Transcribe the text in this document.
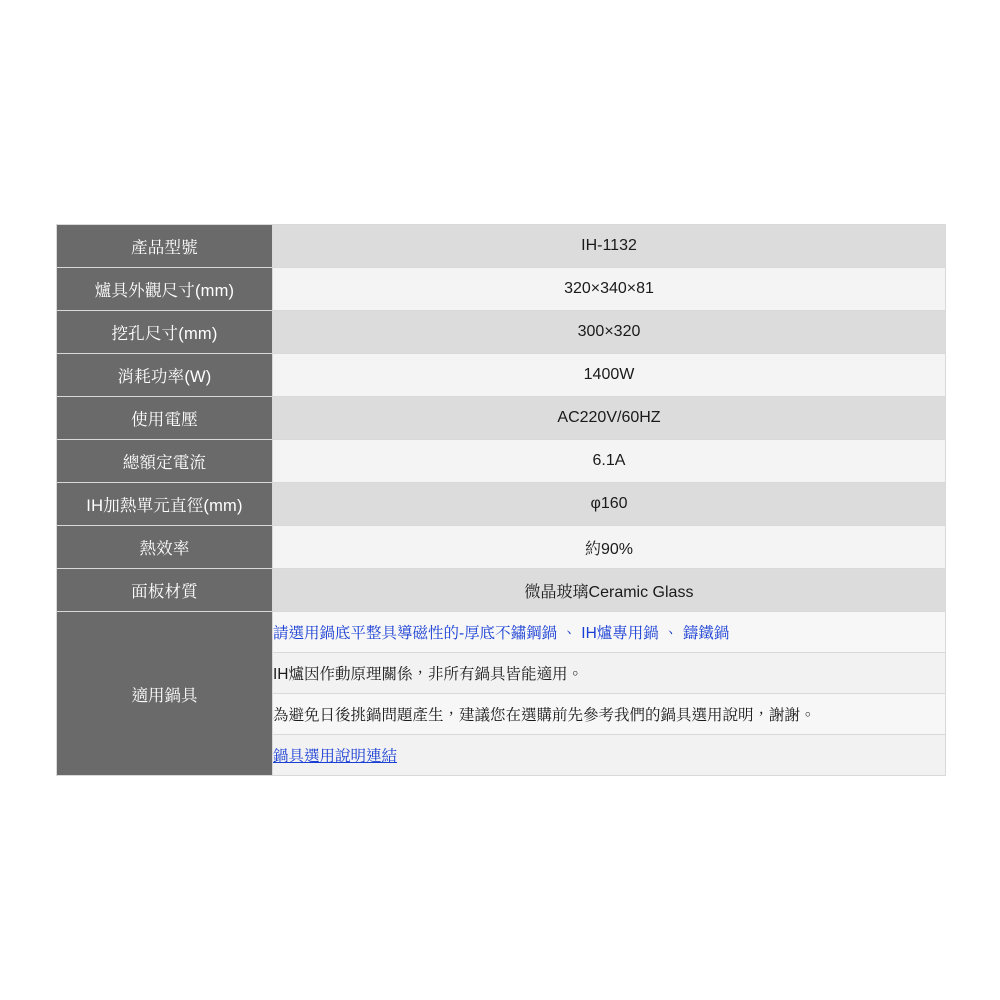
產品型號	IH-1132
爐具外觀尺寸(mm)	320×340×81
挖孔尺寸(mm)	300×320
消耗功率(W)	1400W
使用電壓	AC220V/60HZ
總額定電流	6.1A
IH加熱單元直徑(mm)	φ160
熱效率	約90%
面板材質	微晶玻璃Ceramic Glass
適用鍋具	請選用鍋底平整具導磁性的-厚底不鏽鋼鍋 、 IH爐專用鍋 、 鑄鐵鍋
	IH爐因作動原理關係，非所有鍋具皆能適用。
	為避免日後挑鍋問題產生，建議您在選購前先參考我們的鍋具選用說明，謝謝。
	鍋具選用說明連結
